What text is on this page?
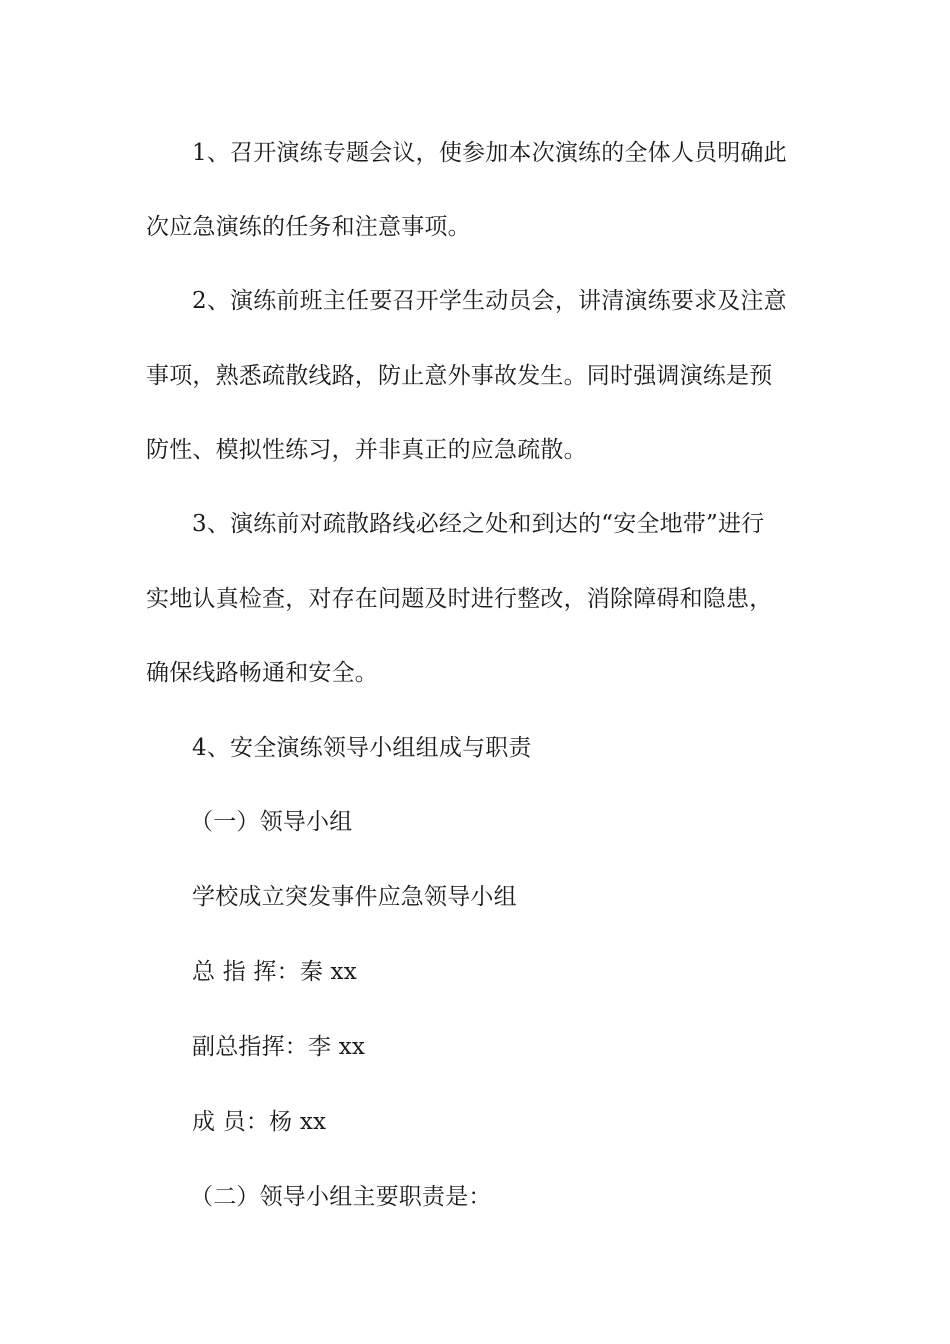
1、召开演练专题会议，使参加本次演练的全体人员明确此
次应急演练的任务和注意事项。
2、演练前班主任要召开学生动员会，讲清演练要求及注意
事项，熟悉疏散线路，防止意外事故发生。同时强调演练是预
防性、模拟性练习，并非真正的应急疏散。
3、演练前对疏散路线必经之处和到达的“安全地带”进行
实地认真检查，对存在问题及时进行整改，消除障碍和隐患，
确保线路畅通和安全。
4、安全演练领导小组组成与职责
（一）领导小组
学校成立突发事件应急领导小组
总 指 挥：秦 xx
副总指挥：李 xx
成 员：杨 xx
（二）领导小组主要职责是：
